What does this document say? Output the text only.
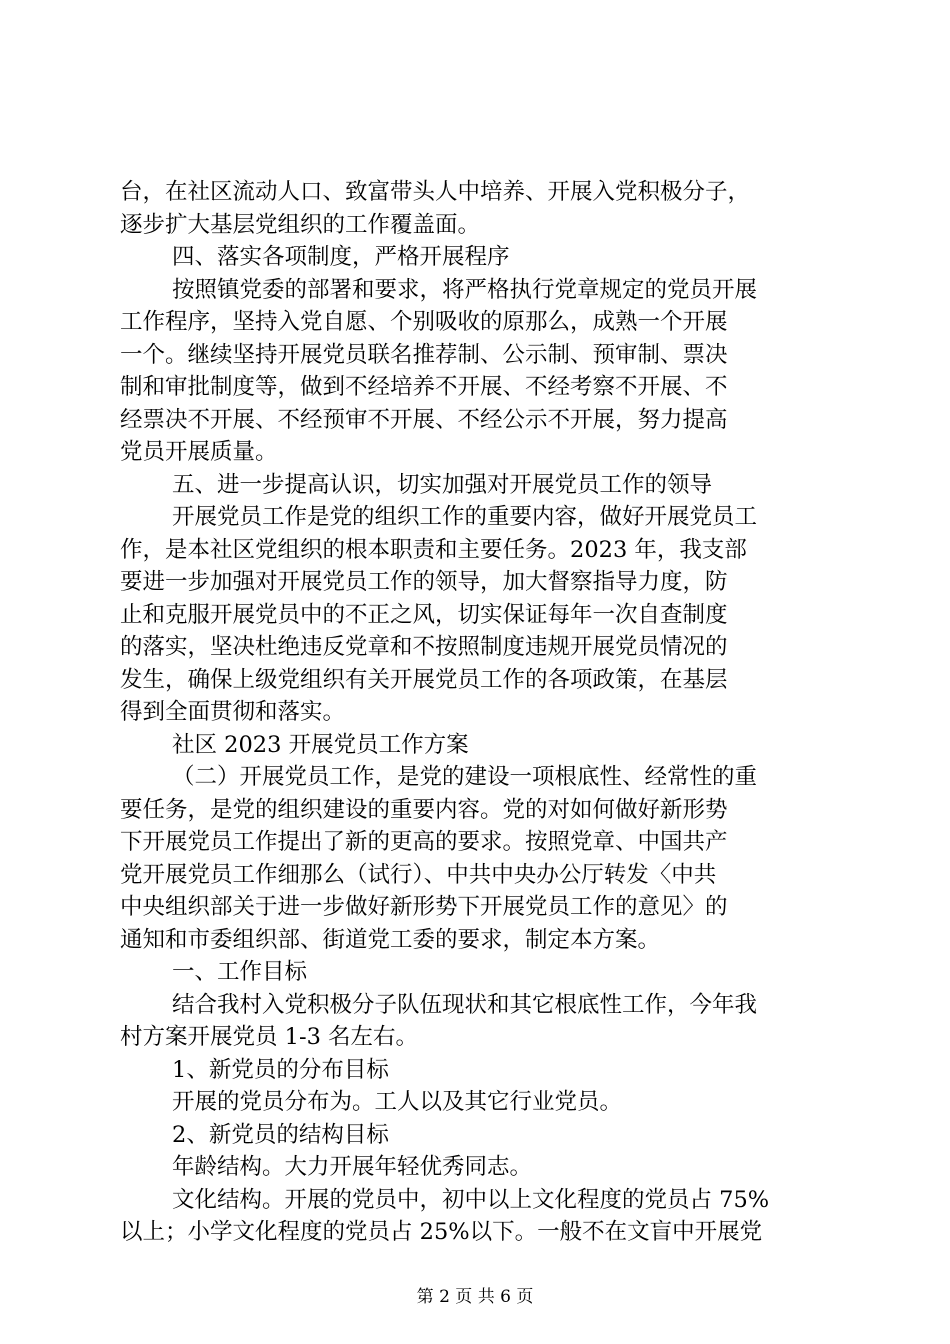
台，在社区流动人口、致富带头人中培养、开展入党积极分子，
逐步扩大基层党组织的工作覆盖面。
四、落实各项制度，严格开展程序
按照镇党委的部署和要求，将严格执行党章规定的党员开展
工作程序，坚持入党自愿、个别吸收的原那么，成熟一个开展
一个。继续坚持开展党员联名推荐制、公示制、预审制、票决
制和审批制度等，做到不经培养不开展、不经考察不开展、不
经票决不开展、不经预审不开展、不经公示不开展，努力提高
党员开展质量。
五、进一步提高认识，切实加强对开展党员工作的领导
开展党员工作是党的组织工作的重要内容，做好开展党员工
作，是本社区党组织的根本职责和主要任务。2023 年，我支部
要进一步加强对开展党员工作的领导，加大督察指导力度，防
止和克服开展党员中的不正之风，切实保证每年一次自查制度
的落实，坚决杜绝违反党章和不按照制度违规开展党员情况的
发生，确保上级党组织有关开展党员工作的各项政策，在基层
得到全面贯彻和落实。
社区 2023 开展党员工作方案
（二）开展党员工作，是党的建设一项根底性、经常性的重
要任务，是党的组织建设的重要内容。党的对如何做好新形势
下开展党员工作提出了新的更高的要求。按照党章、中国共产
党开展党员工作细那么（试行）、中共中央办公厅转发〈中共
中央组织部关于进一步做好新形势下开展党员工作的意见〉的
通知和市委组织部、街道党工委的要求，制定本方案。
一、工作目标
结合我村入党积极分子队伍现状和其它根底性工作，今年我
村方案开展党员 1-3 名左右。
1、新党员的分布目标
开展的党员分布为。工人以及其它行业党员。
2、新党员的结构目标
年龄结构。大力开展年轻优秀同志。
文化结构。开展的党员中，初中以上文化程度的党员占 75%
以上；小学文化程度的党员占 25%以下。一般不在文盲中开展党
第 2 页 共 6 页
